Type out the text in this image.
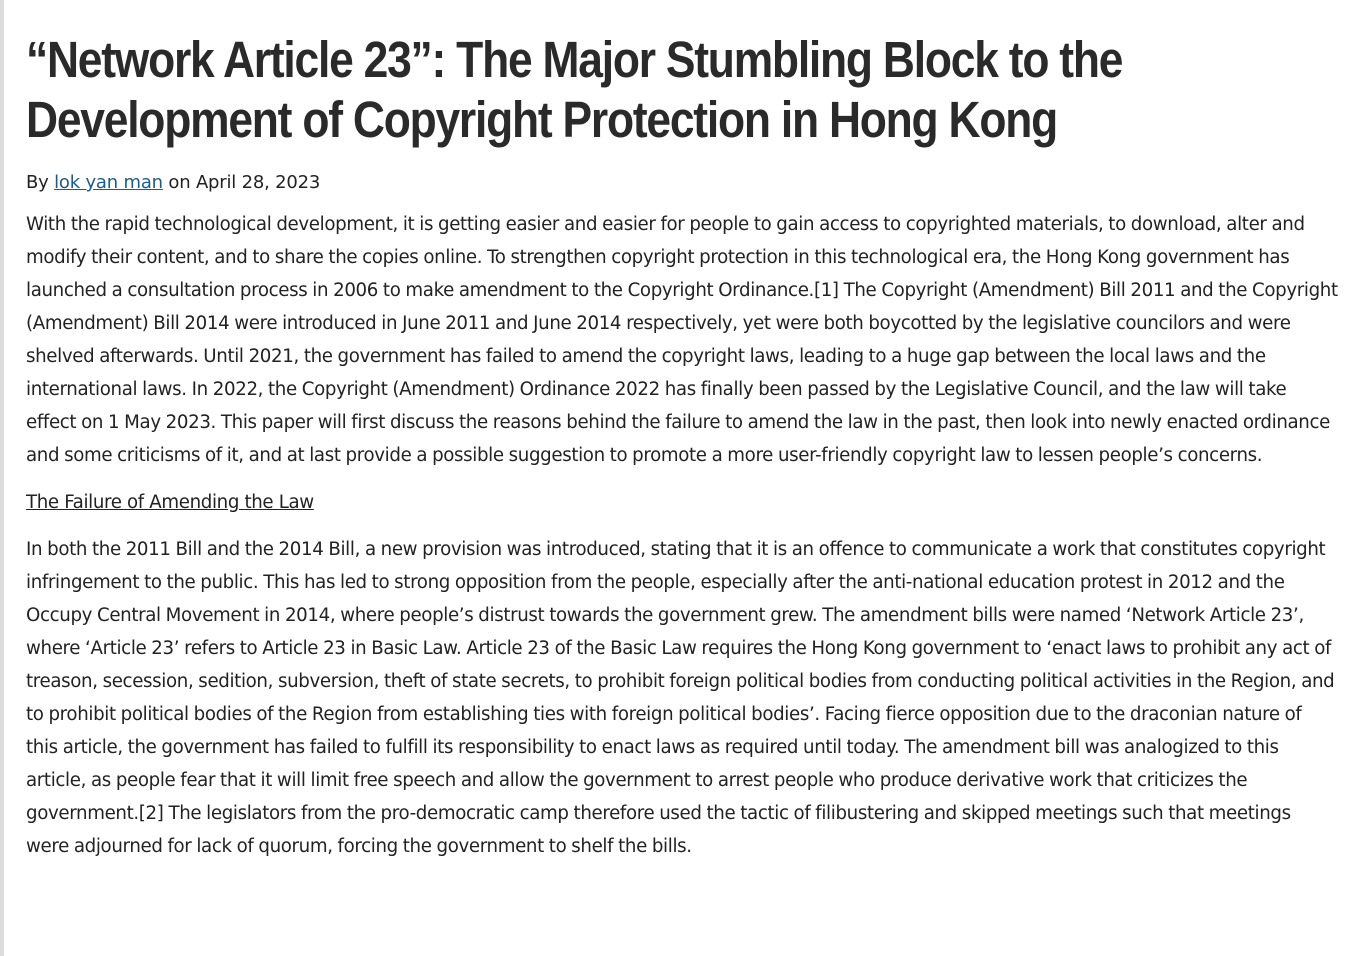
“Network Article 23”: The Major Stumbling Block to the Development of Copyright Protection in Hong Kong
By lok yan man on April 28, 2023

With the rapid technological development, it is getting easier and easier for people to gain access to copyrighted materials, to download, alter and modify their content, and to share the copies online. To strengthen copyright protection in this technological era, the Hong Kong government has launched a consultation process in 2006 to make amendment to the Copyright Ordinance.[1] The Copyright (Amendment) Bill 2011 and the Copyright (Amendment) Bill 2014 were introduced in June 2011 and June 2014 respectively, yet were both boycotted by the legislative councilors and were shelved afterwards. Until 2021, the government has failed to amend the copyright laws, leading to a huge gap between the local laws and the international laws. In 2022, the Copyright (Amendment) Ordinance 2022 has finally been passed by the Legislative Council, and the law will take effect on 1 May 2023. This paper will first discuss the reasons behind the failure to amend the law in the past, then look into newly enacted ordinance and some criticisms of it, and at last provide a possible suggestion to promote a more user-friendly copyright law to lessen people’s concerns.

The Failure of Amending the Law

In both the 2011 Bill and the 2014 Bill, a new provision was introduced, stating that it is an offence to communicate a work that constitutes copyright infringement to the public. This has led to strong opposition from the people, especially after the anti-national education protest in 2012 and the Occupy Central Movement in 2014, where people’s distrust towards the government grew. The amendment bills were named ‘Network Article 23’, where ‘Article 23’ refers to Article 23 in Basic Law. Article 23 of the Basic Law requires the Hong Kong government to ‘enact laws to prohibit any act of treason, secession, sedition, subversion, theft of state secrets, to prohibit foreign political bodies from conducting political activities in the Region, and to prohibit political bodies of the Region from establishing ties with foreign political bodies’. Facing fierce opposition due to the draconian nature of this article, the government has failed to fulfill its responsibility to enact laws as required until today. The amendment bill was analogized to this article, as people fear that it will limit free speech and allow the government to arrest people who produce derivative work that criticizes the government.[2] The legislators from the pro-democratic camp therefore used the tactic of filibustering and skipped meetings such that meetings were adjourned for lack of quorum, forcing the government to shelf the bills.
